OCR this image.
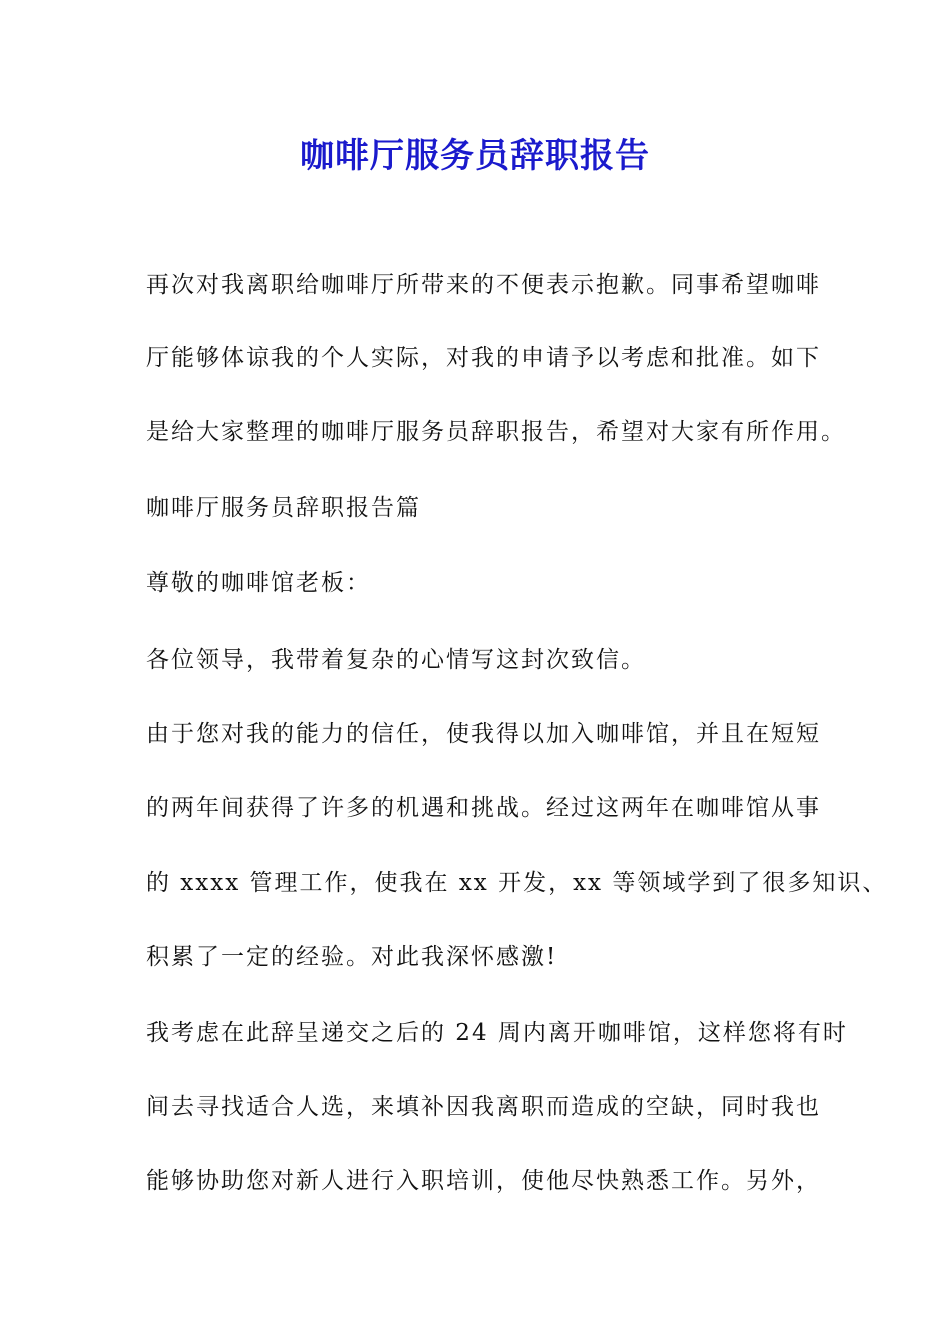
咖啡厅服务员辞职报告

再次对我离职给咖啡厅所带来的不便表示抱歉。同事希望咖啡

厅能够体谅我的个人实际，对我的申请予以考虑和批准。如下

是给大家整理的咖啡厅服务员辞职报告，希望对大家有所作用。

咖啡厅服务员辞职报告篇

尊敬的咖啡馆老板：

各位领导，我带着复杂的心情写这封次致信。

由于您对我的能力的信任，使我得以加入咖啡馆，并且在短短

的两年间获得了许多的机遇和挑战。经过这两年在咖啡馆从事

的 xxxx 管理工作，使我在 xx 开发，xx 等领域学到了很多知识、

积累了一定的经验。对此我深怀感激!

我考虑在此辞呈递交之后的 24 周内离开咖啡馆，这样您将有时

间去寻找适合人选，来填补因我离职而造成的空缺，同时我也

能够协助您对新人进行入职培训，使他尽快熟悉工作。另外，
